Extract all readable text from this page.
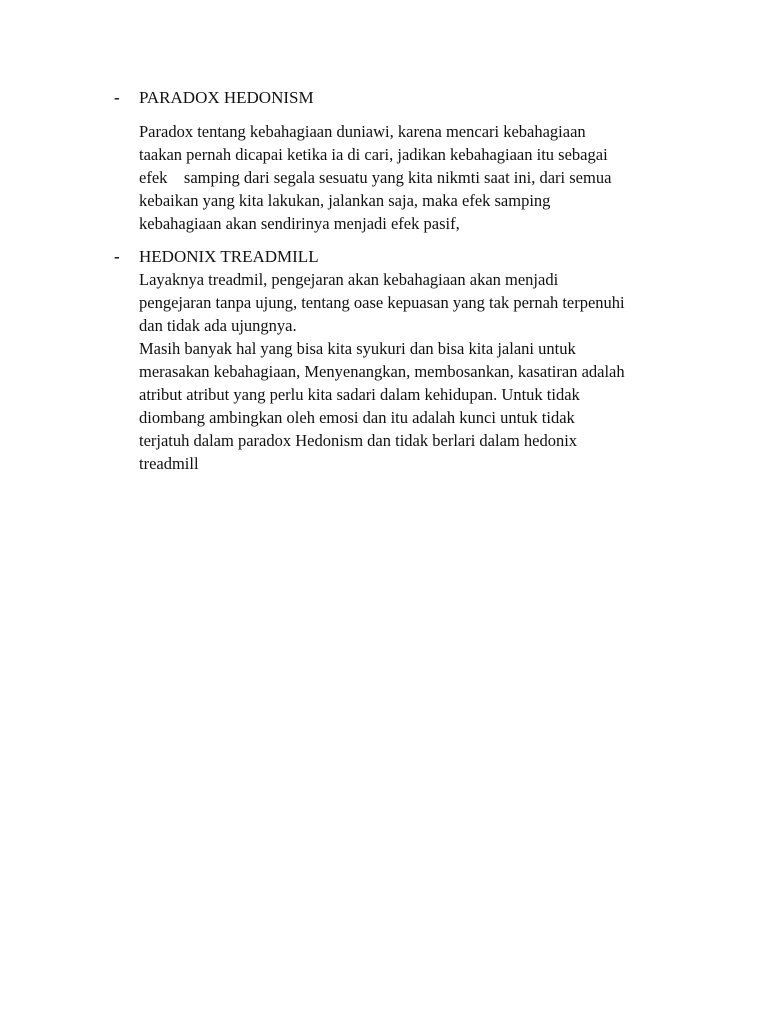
- PARADOX HEDONISM
Paradox tentang kebahagiaan duniawi, karena mencari kebahagiaan
taakan pernah dicapai ketika ia di cari, jadikan kebahagiaan itu sebagai
efek    samping dari segala sesuatu yang kita nikmti saat ini, dari semua
kebaikan yang kita lakukan, jalankan saja, maka efek samping
kebahagiaan akan sendirinya menjadi efek pasif,
- HEDONIX TREADMILL
Layaknya treadmil, pengejaran akan kebahagiaan akan menjadi
pengejaran tanpa ujung, tentang oase kepuasan yang tak pernah terpenuhi
dan tidak ada ujungnya.
Masih banyak hal yang bisa kita syukuri dan bisa kita jalani untuk
merasakan kebahagiaan, Menyenangkan, membosankan, kasatiran adalah
atribut atribut yang perlu kita sadari dalam kehidupan. Untuk tidak
diombang ambingkan oleh emosi dan itu adalah kunci untuk tidak
terjatuh dalam paradox Hedonism dan tidak berlari dalam hedonix
treadmill
